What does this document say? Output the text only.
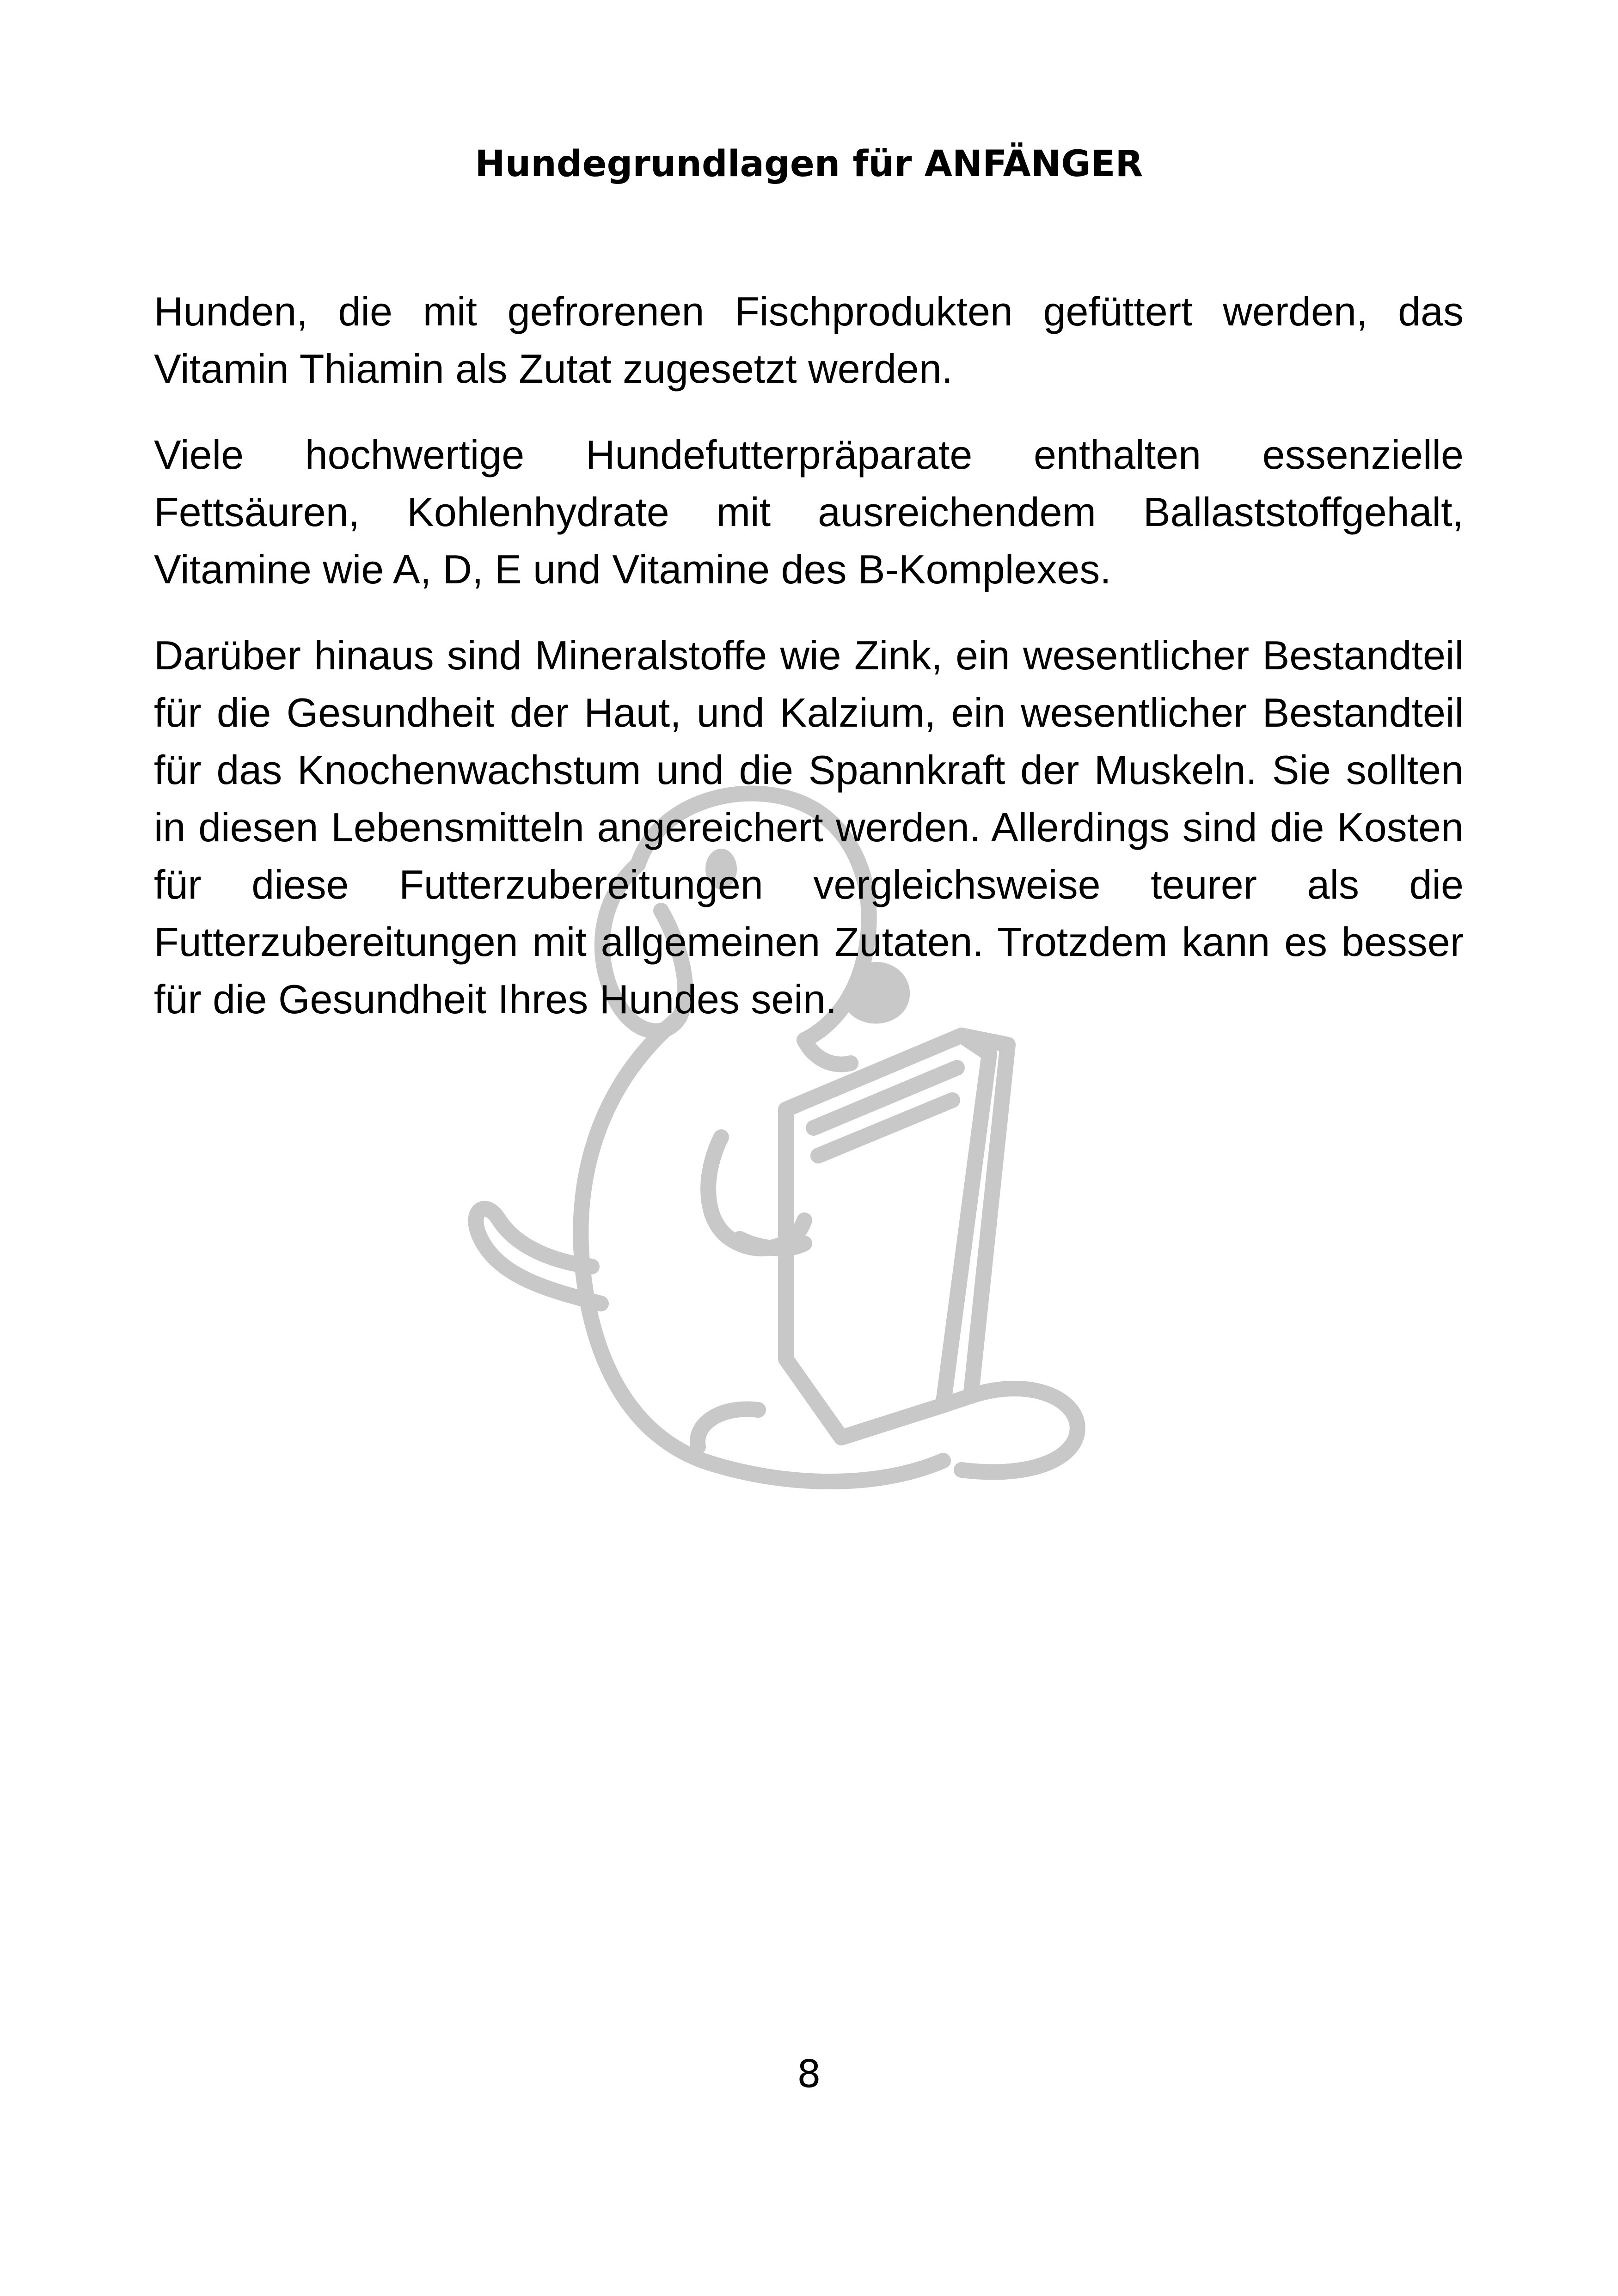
Hundegrundlagen für ANFÄNGER

Hunden, die mit gefrorenen Fischprodukten gefüttert werden, das Vitamin Thiamin als Zutat zugesetzt werden.

Viele hochwertige Hundefutterpräparate enthalten essenzielle Fettsäuren, Kohlenhydrate mit ausreichendem Ballaststoffgehalt, Vitamine wie A, D, E und Vitamine des B-Komplexes.

Darüber hinaus sind Mineralstoffe wie Zink, ein wesentlicher Bestandteil für die Gesundheit der Haut, und Kalzium, ein wesentlicher Bestandteil für das Knochenwachstum und die Spannkraft der Muskeln. Sie sollten in diesen Lebensmitteln angereichert werden. Allerdings sind die Kosten für diese Futterzubereitungen vergleichsweise teurer als die Futterzubereitungen mit allgemeinen Zutaten. Trotzdem kann es besser für die Gesundheit Ihres Hundes sein.

8
